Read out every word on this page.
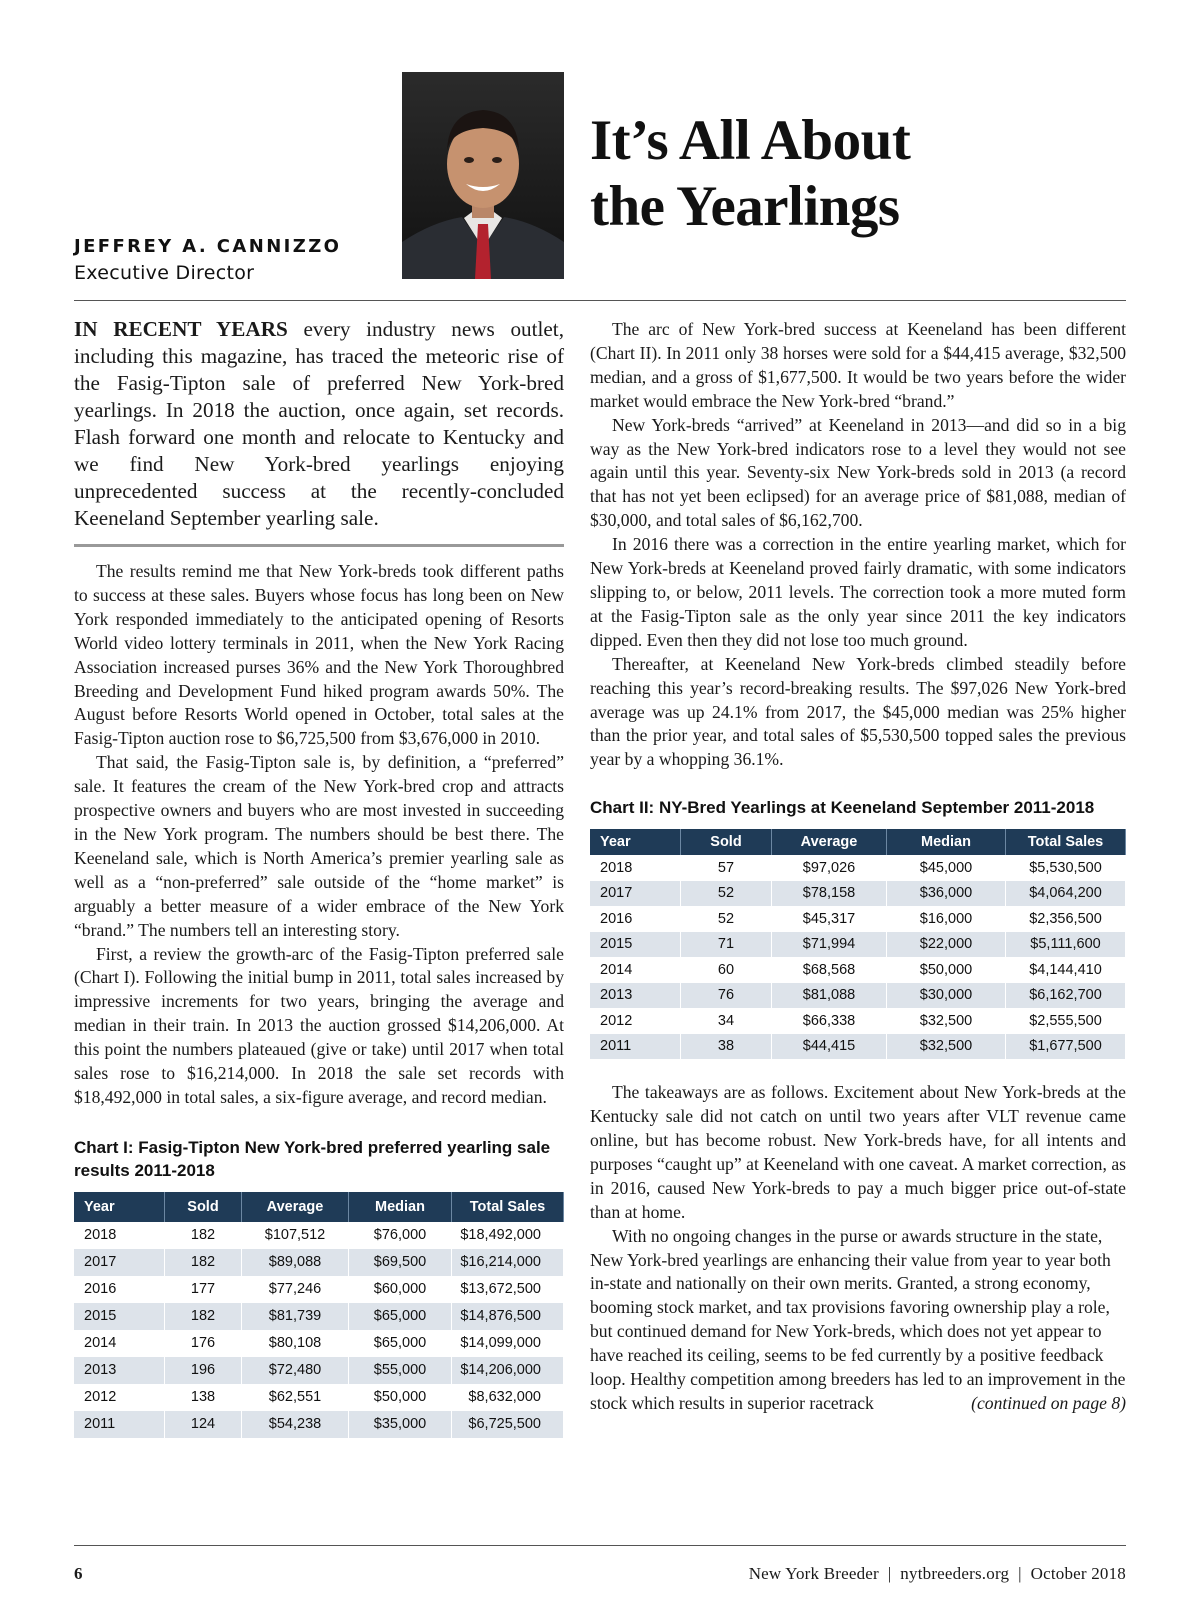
JEFFREY A. CANNIZZO
Executive Director
It’s All About
the Yearlings

IN RECENT YEARS every industry news outlet, including this magazine, has traced the meteoric rise of the Fasig-Tipton sale of preferred New York-bred yearlings. In 2018 the auction, once again, set records. Flash forward one month and relocate to Kentucky and we find New York-bred yearlings enjoying unprecedented success at the recently-concluded Keeneland September yearling sale.

The results remind me that New York-breds took different paths to success at these sales. Buyers whose focus has long been on New York responded immediately to the anticipated opening of Resorts World video lottery terminals in 2011, when the New York Racing Association increased purses 36% and the New York Thoroughbred Breeding and Development Fund hiked program awards 50%. The August before Resorts World opened in October, total sales at the Fasig-Tipton auction rose to $6,725,500 from $3,676,000 in 2010.

That said, the Fasig-Tipton sale is, by definition, a “preferred” sale. It features the cream of the New York-bred crop and attracts prospective owners and buyers who are most invested in succeeding in the New York program. The numbers should be best there. The Keeneland sale, which is North America’s premier yearling sale as well as a “non-preferred” sale outside of the “home market” is arguably a better measure of a wider embrace of the New York “brand.” The numbers tell an interesting story.

First, a review the growth-arc of the Fasig-Tipton preferred sale (Chart I). Following the initial bump in 2011, total sales increased by impressive increments for two years, bringing the average and median in their train. In 2013 the auction grossed $14,206,000. At this point the numbers plateaued (give or take) until 2017 when total sales rose to $16,214,000. In 2018 the sale set records with $18,492,000 in total sales, a six-figure average, and record median.

Chart I: Fasig-Tipton New York-bred preferred yearling sale results 2011-2018
Year	Sold	Average	Median	Total Sales
2018	182	$107,512	$76,000	$18,492,000
2017	182	$89,088	$69,500	$16,214,000
2016	177	$77,246	$60,000	$13,672,500
2015	182	$81,739	$65,000	$14,876,500
2014	176	$80,108	$65,000	$14,099,000
2013	196	$72,480	$55,000	$14,206,000
2012	138	$62,551	$50,000	$8,632,000
2011	124	$54,238	$35,000	$6,725,500

The arc of New York-bred success at Keeneland has been different (Chart II). In 2011 only 38 horses were sold for a $44,415 average, $32,500 median, and a gross of $1,677,500. It would be two years before the wider market would embrace the New York-bred “brand.”

New York-breds “arrived” at Keeneland in 2013—and did so in a big way as the New York-bred indicators rose to a level they would not see again until this year. Seventy-six New York-breds sold in 2013 (a record that has not yet been eclipsed) for an average price of $81,088, median of $30,000, and total sales of $6,162,700.

In 2016 there was a correction in the entire yearling market, which for New York-breds at Keeneland proved fairly dramatic, with some indicators slipping to, or below, 2011 levels. The correction took a more muted form at the Fasig-Tipton sale as the only year since 2011 the key indicators dipped. Even then they did not lose too much ground.

Thereafter, at Keeneland New York-breds climbed steadily before reaching this year’s record-breaking results. The $97,026 New York-bred average was up 24.1% from 2017, the $45,000 median was 25% higher than the prior year, and total sales of $5,530,500 topped sales the previous year by a whopping 36.1%.

Chart II: NY-Bred Yearlings at Keeneland September 2011-2018
Year	Sold	Average	Median	Total Sales
2018	57	$97,026	$45,000	$5,530,500
2017	52	$78,158	$36,000	$4,064,200
2016	52	$45,317	$16,000	$2,356,500
2015	71	$71,994	$22,000	$5,111,600
2014	60	$68,568	$50,000	$4,144,410
2013	76	$81,088	$30,000	$6,162,700
2012	34	$66,338	$32,500	$2,555,500
2011	38	$44,415	$32,500	$1,677,500

The takeaways are as follows. Excitement about New York-breds at the Kentucky sale did not catch on until two years after VLT revenue came online, but has become robust. New York-breds have, for all intents and purposes “caught up” at Keeneland with one caveat. A market correction, as in 2016, caused New York-breds to pay a much bigger price out-of-state than at home.

With no ongoing changes in the purse or awards structure in the state, New York-bred yearlings are enhancing their value from year to year both in-state and nationally on their own merits. Granted, a strong economy, booming stock market, and tax provisions favoring ownership play a role, but continued demand for New York-breds, which does not yet appear to have reached its ceiling, seems to be fed currently by a positive feedback loop. Healthy competition among breeders has led to an improvement in the stock which results in superior racetrack	(continued on page 8)

6	New York Breeder  |  nytbreeders.org  |  October 2018
